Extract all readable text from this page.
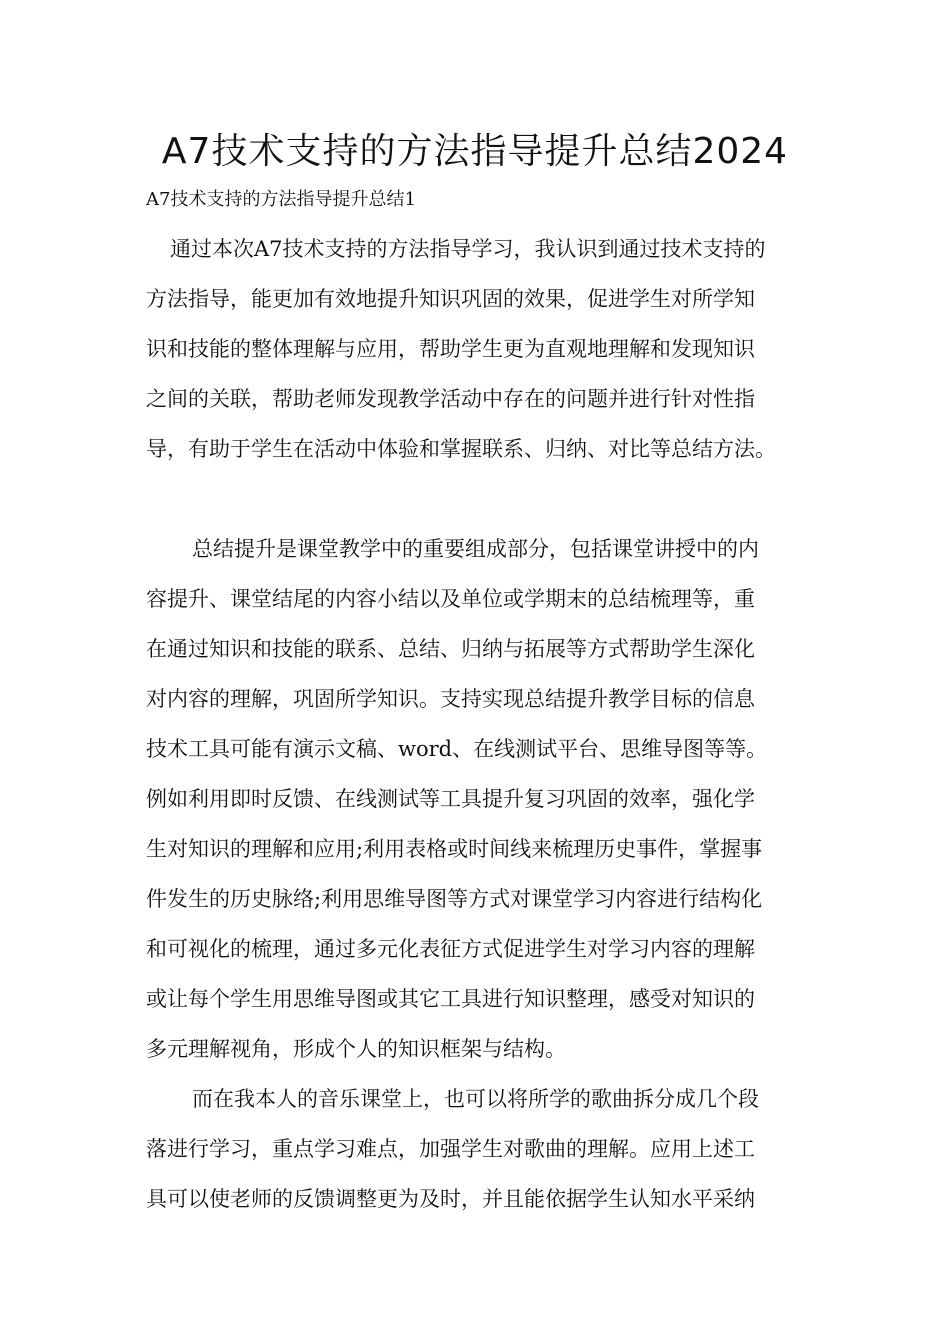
A7技术支持的方法指导提升总结2024

A7技术支持的方法指导提升总结1

通过本次A7技术支持的方法指导学习，我认识到通过技术支持的
方法指导，能更加有效地提升知识巩固的效果，促进学生对所学知
识和技能的整体理解与应用，帮助学生更为直观地理解和发现知识
之间的关联，帮助老师发现教学活动中存在的问题并进行针对性指
导，有助于学生在活动中体验和掌握联系、归纳、对比等总结方法。
总结提升是课堂教学中的重要组成部分，包括课堂讲授中的内
容提升、课堂结尾的内容小结以及单位或学期末的总结梳理等，重
在通过知识和技能的联系、总结、归纳与拓展等方式帮助学生深化
对内容的理解，巩固所学知识。支持实现总结提升教学目标的信息
技术工具可能有演示文稿、word、在线测试平台、思维导图等等。
例如利用即时反馈、在线测试等工具提升复习巩固的效率，强化学
生对知识的理解和应用;利用表格或时间线来梳理历史事件，掌握事
件发生的历史脉络;利用思维导图等方式对课堂学习内容进行结构化
和可视化的梳理，通过多元化表征方式促进学生对学习内容的理解
或让每个学生用思维导图或其它工具进行知识整理，感受对知识的
多元理解视角，形成个人的知识框架与结构。
而在我本人的音乐课堂上，也可以将所学的歌曲拆分成几个段
落进行学习，重点学习难点，加强学生对歌曲的理解。应用上述工
具可以使老师的反馈调整更为及时，并且能依据学生认知水平采纳
